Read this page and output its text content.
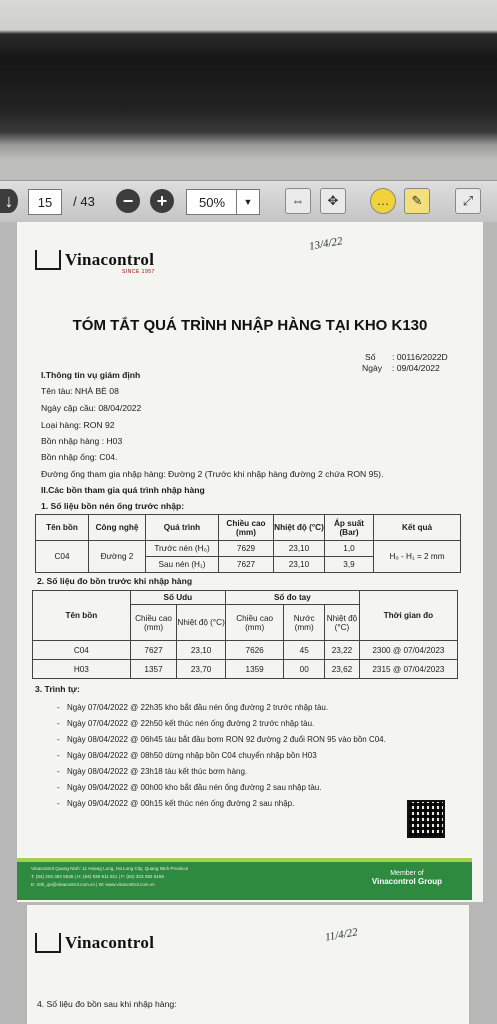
↓	15	/ 43	−	+	50%	▼	⇔	✥	…	✎	⤢
Vinacontrol
SINCE 1957
13/4/22
TÓM TẮT QUÁ TRÌNH NHẬP HÀNG TẠI KHO K130
Số : 00116/2022D
Ngày : 09/04/2022
I.Thông tin vụ giám định
Tên tàu: NHÀ BÈ 08
Ngày cập cầu: 08/04/2022
Loại hàng: RON 92
Bồn nhập hàng : H03
Bồn nhập ống: C04.
Đường ống tham gia nhập hàng: Đường 2 (Trước khi nhập hàng đường 2 chứa RON 95).
II.Các bồn tham gia quá trình nhập hàng
1. Số liệu bồn nén ống trước nhập:
Tên bồn	Công nghệ	Quá trình	Chiều cao (mm)	Nhiệt độ (°C)	Áp suất (Bar)	Kết quả
C04	Đường 2	Trước nén (H₀)	7629	23,10	1,0	H₀ - H₁ = 2 mm
		Sau nén (H₁)	7627	23,10	3,9	
2. Số liệu đo bồn trước khi nhập hàng
Tên bồn	Số Udu		Số đo tay			Thời gian đo
	Chiều cao (mm)	Nhiệt độ (°C)	Chiều cao (mm)	Nước (mm)	Nhiệt độ (°C)	
C04	7627	23,10	7626	45	23,22	2300 @ 07/04/2023
H03	1357	23,70	1359	00	23,62	2315 @ 07/04/2023
3. Trình tự:
- Ngày 07/04/2022 @ 22h35 kho bắt đầu nén ống đường 2 trước nhập tàu.
- Ngày 07/04/2022 @ 22h50 kết thúc nén ống đường 2 trước nhập tàu.
- Ngày 08/04/2022 @ 06h45 tàu bắt đầu bơm RON 92 đường 2 đuổi RON 95 vào bồn C04.
- Ngày 08/04/2022 @ 08h50 dừng nhập bồn C04 chuyển nhập bồn H03
- Ngày 08/04/2022 @ 23h18 tàu kết thúc bơm hàng.
- Ngày 09/04/2022 @ 00h00 kho bắt đầu nén ống đường 2 sau nhập tàu.
- Ngày 09/04/2022 @ 00h15 kết thúc nén ống đường 2 sau nhập.
Vinacontrol Quang Ninh: 11 Hoang Long, Ha Long City, Quang Ninh Province
T: (84) 203 382 5535 | H: (84) 936 911 811 | F: (84) 203 382 6159
E: mth_qn@vinacontrol.com.vn | W: www.vinacontrol.com.vn
Member of
Vinacontrol Group
Vinacontrol	11/4/22
4. Số liệu đo bồn sau khi nhập hàng:
